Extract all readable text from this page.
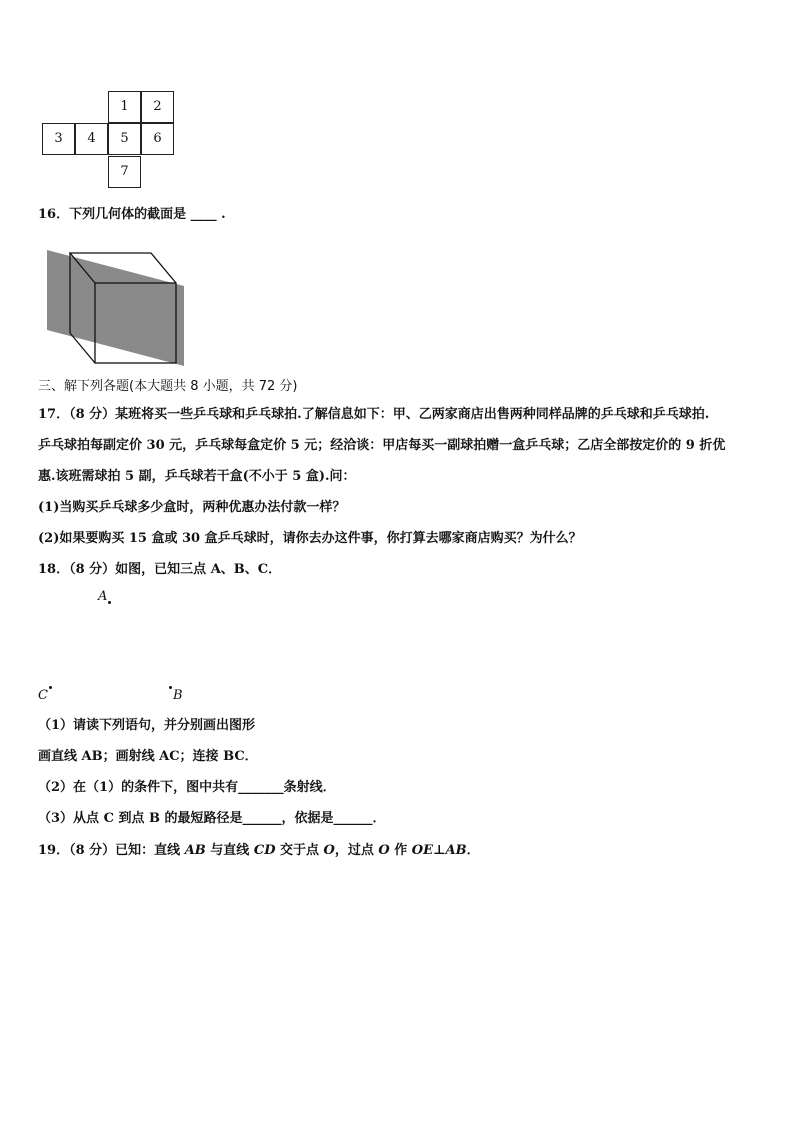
1	2
3	4	5	6
7
16．下列几何体的截面是 ____ .
三、解下列各题(本大题共 8 小题，共 72 分)
17．（8 分）某班将买一些乒乓球和乒乓球拍.了解信息如下：甲、乙两家商店出售两种同样品牌的乒乓球和乒乓球拍.
乒乓球拍每副定价 30 元，乒乓球每盒定价 5 元；经洽谈：甲店每买一副球拍赠一盒乒乓球；乙店全部按定价的 9 折优
惠.该班需球拍 5 副，乒乓球若干盒(不小于 5 盒).问：
(1)当购买乒乓球多少盒时，两种优惠办法付款一样？
(2)如果要购买 15 盒或 30 盒乒乓球时，请你去办这件事，你打算去哪家商店购买？为什么？
18．（8 分）如图，已知三点 A、B、C．
A
C	B
（1）请读下列语句，并分别画出图形
画直线 AB；画射线 AC；连接 BC．
（2）在（1）的条件下，图中共有_______条射线．
（3）从点 C 到点 B 的最短路径是______，依据是______．
19．（8 分）已知：直线 AB 与直线 CD 交于点 O，过点 O 作 OE⊥AB．
